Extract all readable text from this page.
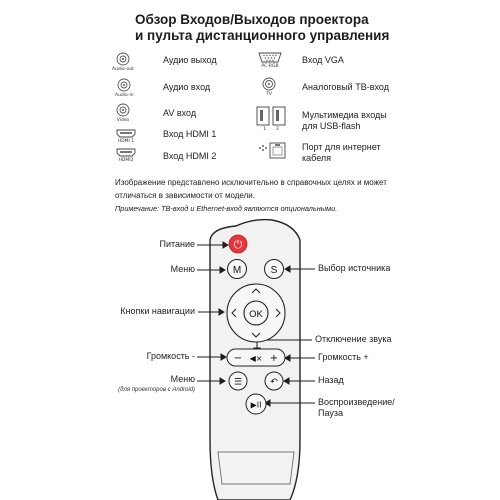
Обзор Входов/Выходов проектора
и пульта дистанционного управления
Audio-out
Аудио выход
Audio-in
Аудио вход
Video
AV вход
HDMI 1
Вход HDMI 1
HDMI2	Вход HDMI 2
PC-RGB
Вход VGA
TV
Аналоговый ТВ-вход
1       2
Мультимедиа входы
для USB-flash
Порт для интернет
кабеля
Изображение представлено исключительно в справочных целях и может
отличаться в зависимости от модели.
Примечание: ТВ-вход и Ethernet-вход являются опциональными.
⏻
M	S
OK
− ◀× +
☰	↶
▶II
Питание
Меню
Кнопки навигации
Громкость -
Меню
(для проекторов с Android)
Выбор источника
Отключение звука
Громкость +
Назад
Воспроизведение/
Пауза
